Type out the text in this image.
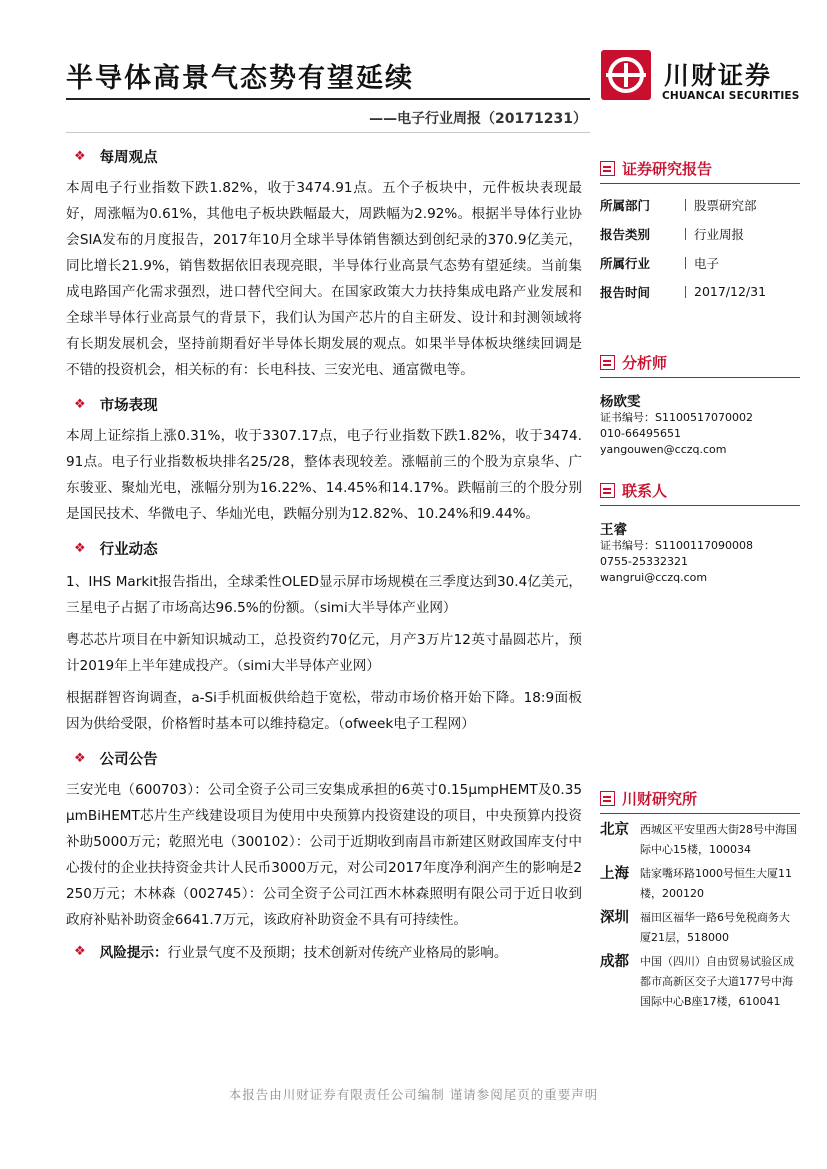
半导体高景气态势有望延续
——电子行业周报（20171231）
川财证券
CHUANCAI SECURITIES
❖ 每周观点

本周电子行业指数下跌1.82%，收于3474.91点。五个子板块中，元件板块表现最好，周涨幅为0.61%，其他电子板块跌幅最大，周跌幅为2.92%。根据半导体行业协会SIA发布的月度报告，2017年10月全球半导体销售额达到创纪录的370.9亿美元，同比增长21.9%，销售数据依旧表现亮眼，半导体行业高景气态势有望延续。当前集成电路国产化需求强烈，进口替代空间大。在国家政策大力扶持集成电路产业发展和全球半导体行业高景气的背景下，我们认为国产芯片的自主研发、设计和封测领域将有长期发展机会，坚持前期看好半导体长期发展的观点。如果半导体板块继续回调是不错的投资机会，相关标的有：长电科技、三安光电、通富微电等。

❖ 市场表现

本周上证综指上涨0.31%，收于3307.17点，电子行业指数下跌1.82%，收于3474.91点。电子行业指数板块排名25/28，整体表现较差。涨幅前三的个股为京泉华、广东骏亚、聚灿光电，涨幅分别为16.22%、14.45%和14.17%。跌幅前三的个股分别是国民技术、华微电子、华灿光电，跌幅分别为12.82%、10.24%和9.44%。

❖ 行业动态

1、IHS Markit报告指出，全球柔性OLED显示屏市场规模在三季度达到30.4亿美元，三星电子占据了市场高达96.5%的份额。（simi大半导体产业网）

粤芯芯片项目在中新知识城动工，总投资约70亿元，月产3万片12英寸晶圆芯片，预计2019年上半年建成投产。（simi大半导体产业网）

根据群智咨询调查，a-Si手机面板供给趋于宽松，带动市场价格开始下降。18:9面板因为供给受限，价格暂时基本可以维持稳定。（ofweek电子工程网）

❖ 公司公告

三安光电（600703）：公司全资子公司三安集成承担的6英寸0.15µmpHEMT及0.35µmBiHEMT芯片生产线建设项目为使用中央预算内投资建设的项目，中央预算内投资补助5000万元；乾照光电（300102）：公司于近期收到南昌市新建区财政国库支付中心拨付的企业扶持资金共计人民币3000万元，对公司2017年度净利润产生的影响是2250万元；木林森（002745）：公司全资子公司江西木林森照明有限公司于近日收到政府补贴补助资金6641.7万元，该政府补助资金不具有可持续性。

❖ 风险提示： 行业景气度不及预期；技术创新对传统产业格局的影响。
证券研究报告
所属部门	股票研究部
报告类别	行业周报
所属行业	电子
报告时间	2017/12/31
分析师
杨欧雯
证书编号：S1100517070002
010-66495651
yangouwen@cczq.com
联系人
王睿
证书编号：S1100117090008
0755-25332321
wangrui@cczq.com
川财研究所
北京	西城区平安里西大街28号中海国际中心15楼，100034
上海	陆家嘴环路1000号恒生大厦11楼，200120
深圳	福田区福华一路6号免税商务大厦21层，518000
成都	中国（四川）自由贸易试验区成都市高新区交子大道177号中海国际中心B座17楼，610041
本报告由川财证券有限责任公司编制 谨请参阅尾页的重要声明
